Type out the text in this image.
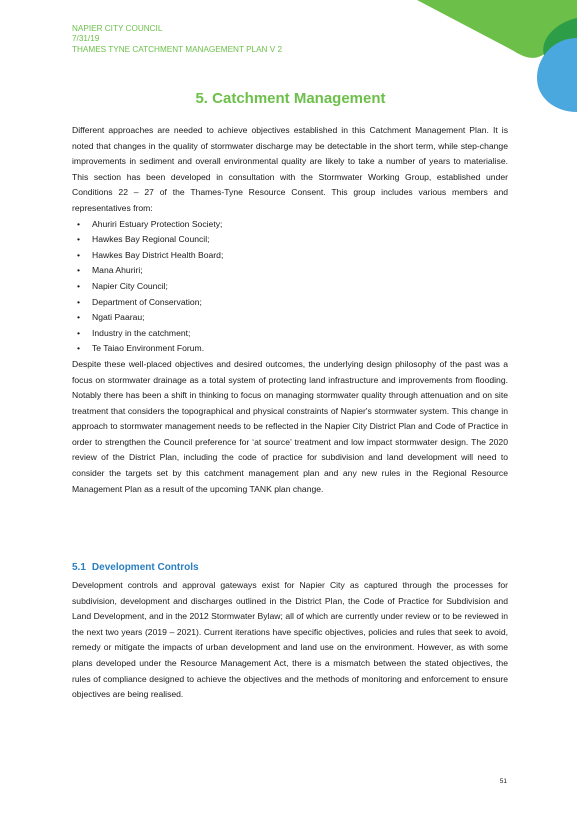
NAPIER CITY COUNCIL
7/31/19
THAMES TYNE CATCHMENT MANAGEMENT PLAN V 2
5. Catchment Management

Different approaches are needed to achieve objectives established in this Catchment Management Plan. It is noted that changes in the quality of stormwater discharge may be detectable in the short term, while step-change improvements in sediment and overall environmental quality are likely to take a number of years to materialise. This section has been developed in consultation with the Stormwater Working Group, established under Conditions 22 – 27 of the Thames-Tyne Resource Consent. This group includes various members and representatives from:

• Ahuriri Estuary Protection Society;
• Hawkes Bay Regional Council;
• Hawkes Bay District Health Board;
• Mana Ahuriri;
• Napier City Council;
• Department of Conservation;
• Ngati Paarau;
• Industry in the catchment;
• Te Taiao Environment Forum.

Despite these well-placed objectives and desired outcomes, the underlying design philosophy of the past was a focus on stormwater drainage as a total system of protecting land infrastructure and improvements from flooding. Notably there has been a shift in thinking to focus on managing stormwater quality through attenuation and on site treatment that considers the topographical and physical constraints of Napier's stormwater system. This change in approach to stormwater management needs to be reflected in the Napier City District Plan and Code of Practice in order to strengthen the Council preference for ‘at source’ treatment and low impact stormwater design. The 2020 review of the District Plan, including the code of practice for subdivision and land development will need to consider the targets set by this catchment management plan and any new rules in the Regional Resource Management Plan as a result of the upcoming TANK plan change.

5.1 Development Controls

Development controls and approval gateways exist for Napier City as captured through the processes for subdivision, development and discharges outlined in the District Plan, the Code of Practice for Subdivision and Land Development, and in the 2012 Stormwater Bylaw; all of which are currently under review or to be reviewed in the next two years (2019 – 2021). Current iterations have specific objectives, policies and rules that seek to avoid, remedy or mitigate the impacts of urban development and land use on the environment. However, as with some plans developed under the Resource Management Act, there is a mismatch between the stated objectives, the rules of compliance designed to achieve the objectives and the methods of monitoring and enforcement to ensure objectives are being realised.

51
